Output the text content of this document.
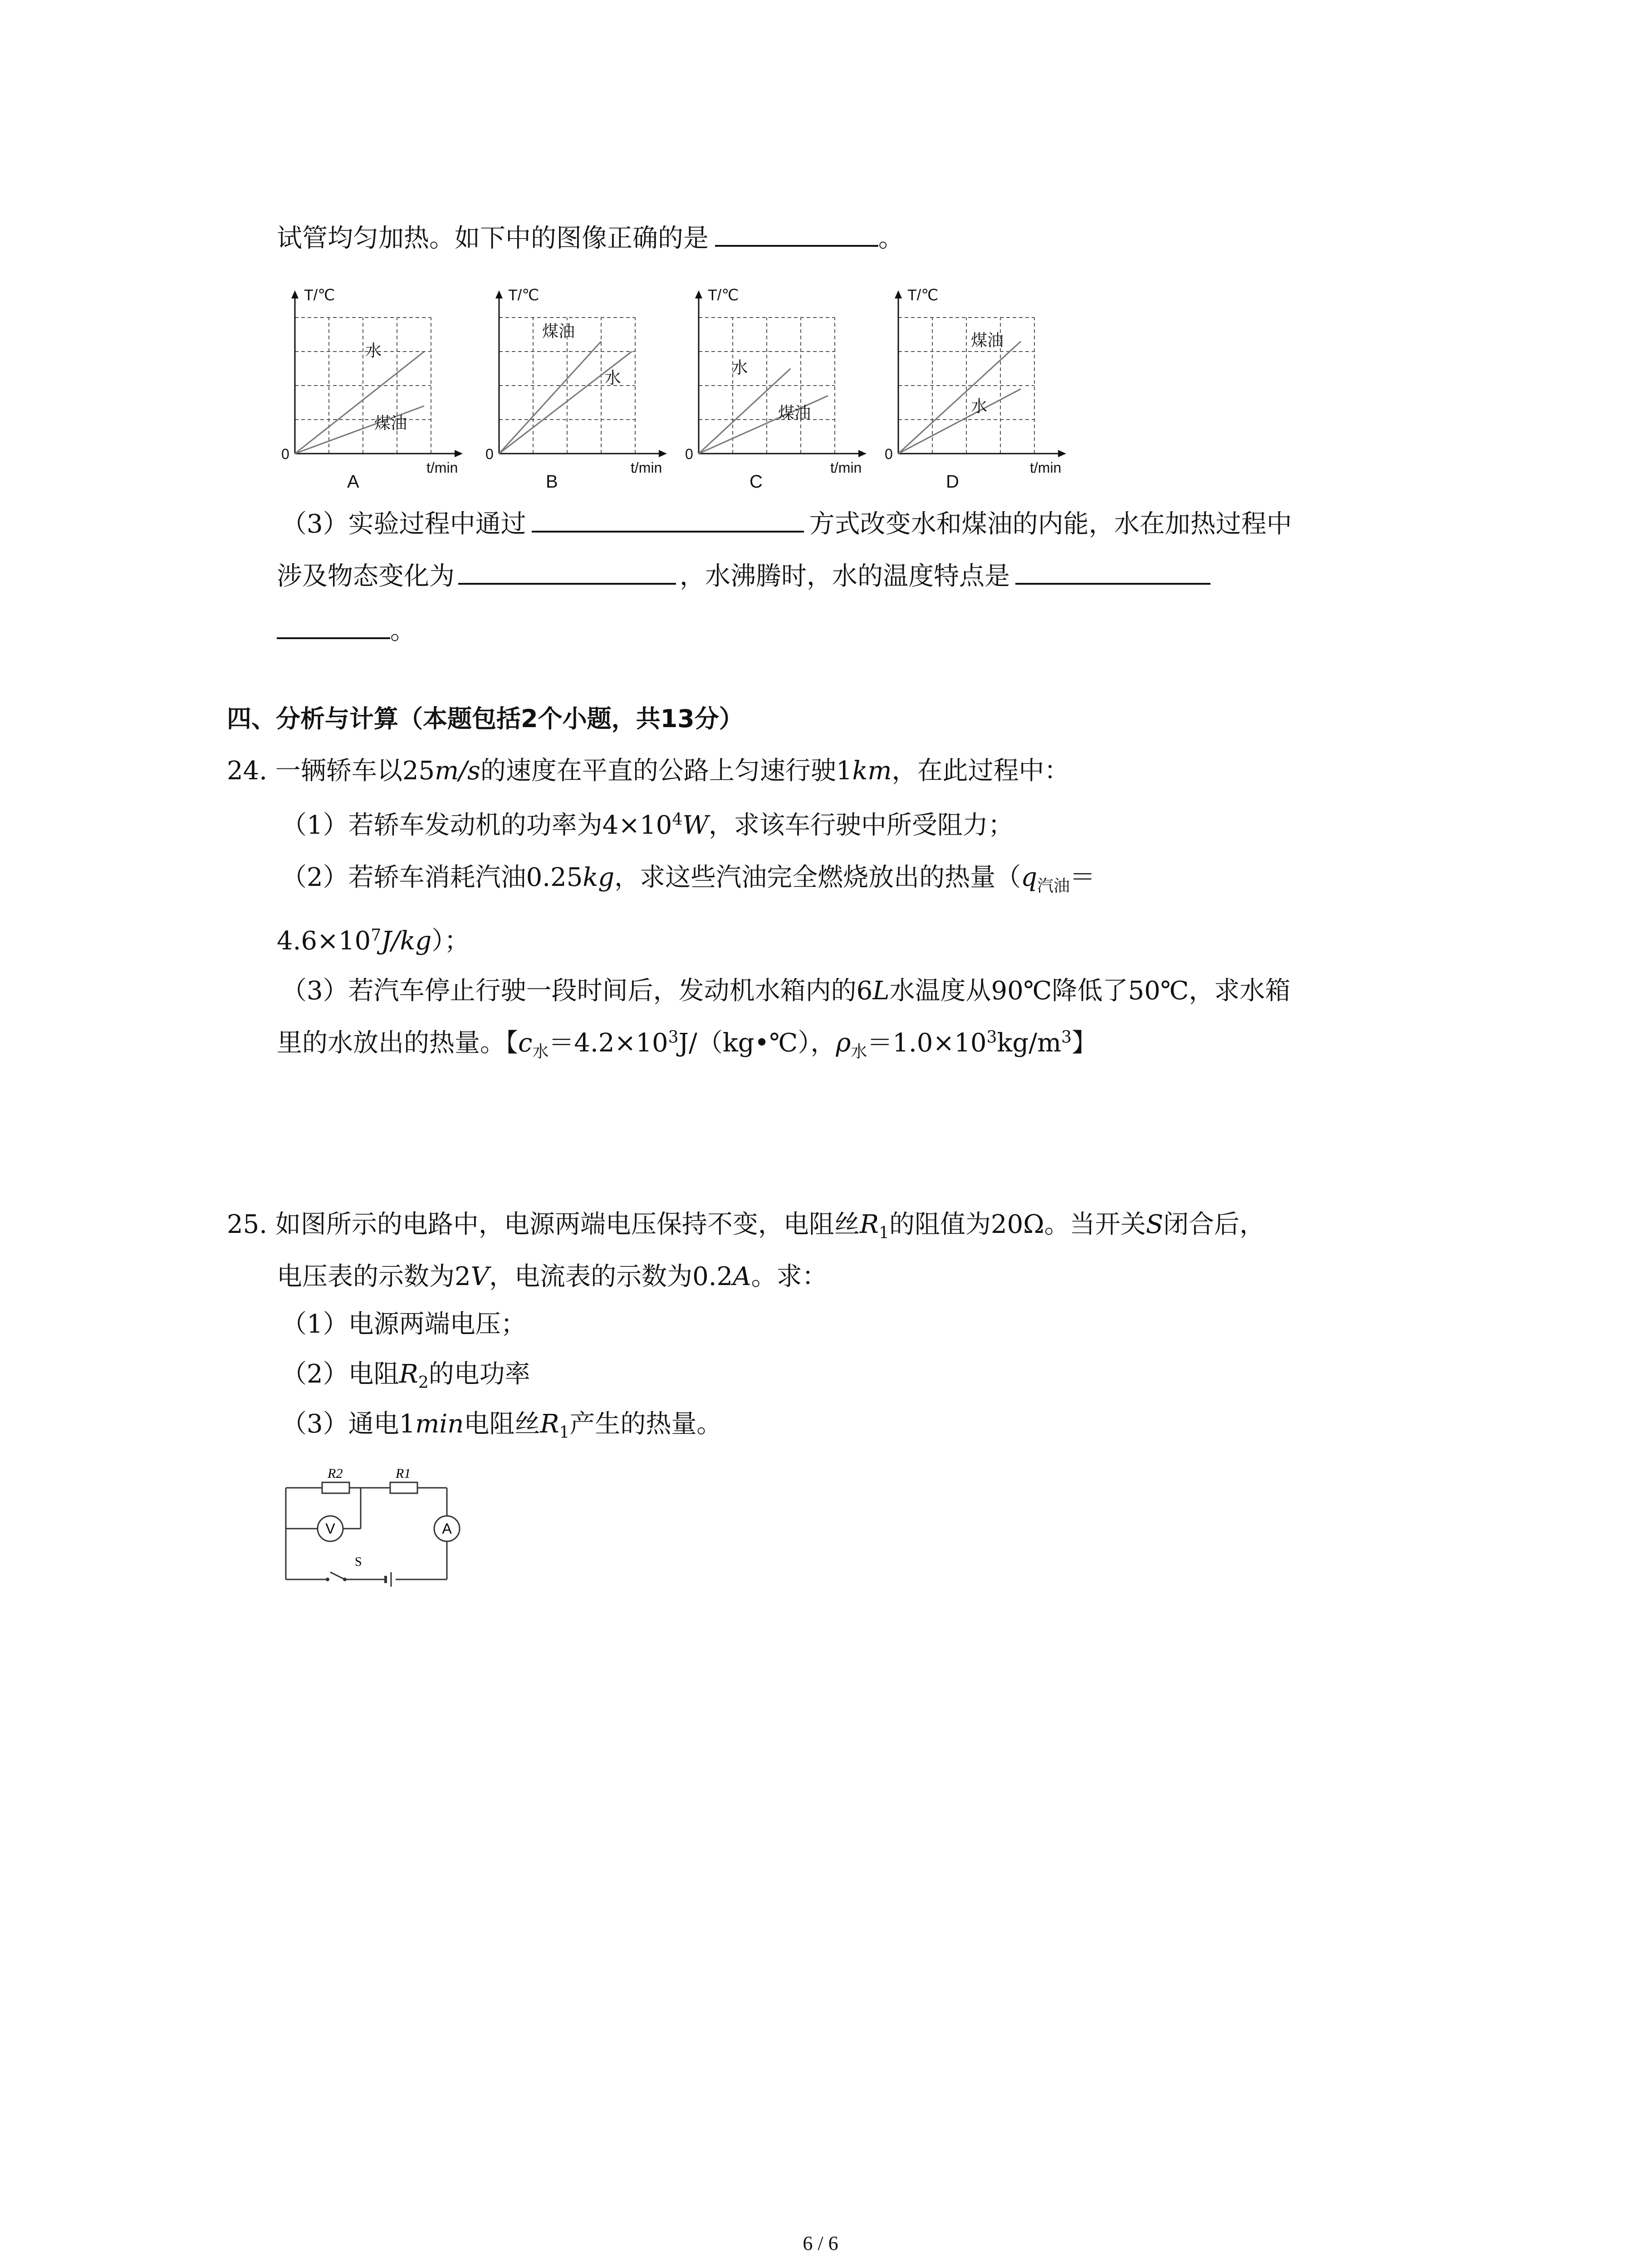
试管均匀加热。如下中的图像正确的是	。
T/℃
t/min
0
水
煤油
T/℃
t/min
0
煤油
水
T/℃
t/min
0
水
煤油
T/℃
t/min
0
煤油
水
A	B	C	D
（3）实验过程中通过	方式改变水和煤油的内能，水在加热过程中
涉及物态变化为	，水沸腾时，水的温度特点是
。
四、分析与计算（本题包括2个小题，共13分）
24. 一辆轿车以25m/s的速度在平直的公路上匀速行驶1km，在此过程中：
（1）若轿车发动机的功率为$4\times 10^4W$，求该车行驶中所受阻力；
（2）若轿车消耗汽油0.25kg，求这些汽油完全燃烧放出的热量（$q_{汽油}=$
$4.6\times 10^7J/kg$）；
（3）若汽车停止行驶一段时间后，发动机水箱内的6L水温度从90℃降低了50℃，求水箱
里的水放出的热量。【$c_水=4.2\times 10^3J/(kg•℃)$，$\rho_水=1.0\times 10^3kg/m^3$】
25. 如图所示的电路中，电源两端电压保持不变，电阻丝$R_1$的阻值为20Ω。当开关S闭合后，
电压表的示数为2V，电流表的示数为0.2A。求：
（1）电源两端电压；
（2）电阻$R_2$的电功率
（3）通电1min电阻丝$R_1$产生的热量。
R2	R1
V	A
S
6 / 6
